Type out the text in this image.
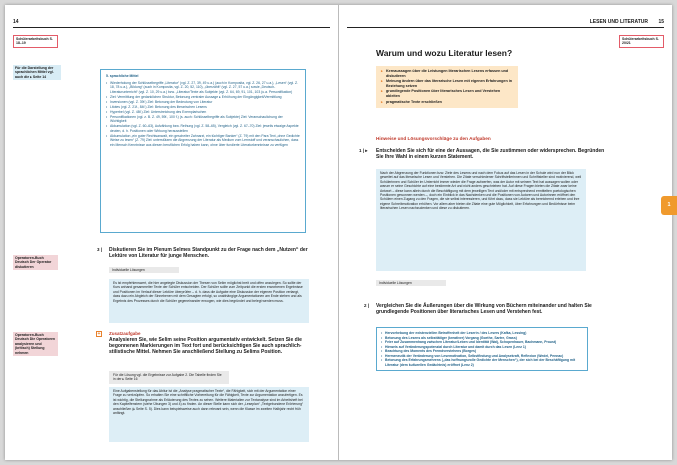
14
Schülerarbeitsbuch S. 18–19
Für die Darstellung der sprachlichen Mittel vgl. auch die ▸ Seite 14
Operatoren-Buch Deutsch Der Operator diskutieren
Operatoren-Buch Deutsch Die Operatoren analysieren und (kritisch) Stellung nehmen
5. sprachliche Mittel
• Wiederholung der Schlüsselbegriffe „Literatur“ (vgl. Z. 27, 39, 49 u.a.) (auch in Komposita, vgl. Z. 26, 27 u.a.), „Lesen“ (vgl. Z. 18, 78 u.a.), „Bildung“ (auch in Komposita, vgl. Z. 20, 52, 110), „überzählt“ (vgl. Z. 27, 57 u.a.) sowie „Deutsch-Literaturunterricht“ (vgl. Z. 10, 29 u.a.) bzw. „Literatur/Texte als Subjekte (vgl. Z. 64, 69, 91, 101, 103 (u.a. Personifikation)
• Ziel: Vermittlung der gedanklichen Struktur, Betonung zentraler Aussage ▸ Erhöhung der Eingängigkeit/Vermittlung
• Inversionen (vgl. Z. 39f.) Ziel: Betonung der Bedeutung von Literatur
• Litotes (vgl. Z. 21f., 84f.) Ziel: Betonung des literarischen Lesens
• Hyperbel (vgl. Z. 48f.) Ziel: Unterstreichung des Exemplarischen
• Personifikationen (vgl. z. B. Z. 49, 59f., 100 f.) (s. auch: Schlüsselbegriffe als Subjekte) Ziel: Veranschaulichung der Wichtigkeit
• Akkumulation (vgl. Z. 60–63), Aufzählung bzw. Reihung (vgl. Z. 58–65), Vergleich (vgl. Z. 67–70) Ziel: jeweils etwaige Aspekte deuten, d. h. Positionen oder Wirkung herausstellen
• Akkumulation „ein guter Rechtsanwalt, ein gescheiter Zahnarzt, ein tüchtiger Banker“ (Z. 79) mit den Para Text „ohne Gedichte Weise zu lesen“ (Z. 79) Ziel: unterstützen die Abgrenzung der Literatur als Medium vom Lernstoff und veranschaulichen, dass ein Mensch Kenntnisse aus diesen beruflichen Erfolg haben kann, ohne über fundierte Literaturkenntnisse zu verfügen
3 | Diskutieren Sie im Plenum Selmes Standpunkt zu der Frage nach dem „Nutzen“ der Lektüre von Literatur für junge Menschen.
Individuelle Lösungen
Es ist empfehlenswert, die hier angelegte Diskussion der Thesen von Selim möglichst breit und offen anzulegen. So sollte der Kurs anhand gesammelter Texte der Schüler entscheiden. Der Schüler sollte zum Zeitpunkt die ersten erworbenen Ergebnisse und Positionen im Verlauf dieser Lektüre überprüfen – d. h. dass die Aufgabe eine Diskussion der eigenen Position verlangt, dass dazu ein Abgleich der Sinnebenen mit dem Gesagten erfolgt, so unabhängige Argumentationen am Ende stehen und als Ergebnis des Prozesses durch die Schüler gegeneinander erwogen, wie dies begründet und belegt werden muss.
+	Zusatzaufgabe
Analysieren Sie, wie Selim seine Position argumentativ entwickelt. Setzen Sie die begonnenen Markierungen im Text fort und berücksichtigen Sie auch sprachlich-stilistische Mittel. Nehmen Sie anschließend Stellung zu Selims Position.
Für die Lösung vgl. die Ergebnisse zur Aufgabe 2. Die Tabelle finden Sie in der ▸ Seite 16
Eine Aufgabenstellung für das Abitur ist die „Analyse pragmatischer Texte“, die Fähigkeit, sich mit der Argumentation einer Frage zu verknüpfen. So erhalten Sie eine schriftliche Vorbereitung für die Fähigkeit, Texte zur Argumentation anzufertigen. Es ist wichtig, die Stellungnahme als Erläuterung des Textes zu sehen. Weitere Materialien zur Textanalyse sind im Arbeitsheft bei den Kapitelfenstern (siehe Übungen 3) und 4) zu finden. An dieser Stelle kann sich der „Leseplan“ „Textgebundene Erörterung“ anschließen (▸ Seite S. 5). Dies kann beispielsweise auch dann relevant sein, wenn die Klasse im zweiten Halbjahr recht früh anfängt.
LESEN UND LITERATUR 15
Schülerarbeitsbuch S. 20/21
Warum und wozu Literatur lesen?
▸ Kernaussagen über die Leistungen literarischen Lesens erfassen und diskutieren
▸ Meinung ändern über das literarische Lesen mit eigenen Erfahrungen in Beziehung setzen
▸ grundlegende Positionen über literarisches Lesen und Verstehen ableiten
▸ pragmatische Texte erschließen
Hinweise und Lösungsvorschläge zu den Aufgaben
1 | ▸ Entscheiden Sie sich für eine der Aussagen, die Sie zustimmen oder widersprechen. Begründen Sie Ihre Wahl in einem kurzen Statement.
Nach der Abgrenzung der Funktionen bzw. Ziele des Lesens und nach dem Fokus auf das Lesen in der Schule wird nun der Blick geweitet auf das literarische Lesen und Verstehen. Die Zitate verschiedener Schriftstellerinnen und Schriftsteller sind motivierend, weil Schülerinnen und Schüler im Unterricht immer wieder die Frage aufwerfen, was der Autor mit seinem Text hat aussagen wollen oder warum er seine Geschichte auf eine bestimmte Art und nicht anders geschrieben hat. Auf diese Fragen bieten die Zitate zwar keine Antwort – diese kann allein durch die Beschäftigung mit dem jeweiligen Text und/oder mit entsprechend ermittelten poetologischen Positionen gewonnen werden –, doch ein Einblick in das Nachdenken und die Positionen von Autoren und Autorinnen eröffnet den Schülern einen Zugang zu den Fragen, die sie selbst interessieren, und führt dazu, dass sie Lektüre als bereichernd erleben und ihre eigene Schreibmotivation erhöhen. Vor allem aber bieten die Zitate eine gute Möglichkeit, über Erfahrungen und Bedürfnisse beim literarischen Lesen nachzudenken und diese zu diskutieren.
Individuelle Lösungen
2 | Vergleichen Sie die Äußerungen über die Wirkung von Büchern miteinander und halten Sie grundlegende Positionen über literarisches Lesen und Verstehen fest.
• Hervorhebung der existenziellen Betroffenheit der Leserin / des Lesers (Kafka, Lessing)
• Betonung des Lesens als selbsttätiger (kreativer) Vorgang (Goethe, Sartre, Grass)
• Feier auf Zusammenhang zwischen Literatur/Leben und Identität (Walj, Schopenhauer, Bachmann, Proust)
• Hinweis auf Veränderungspotenzial durch Literatur und damit durch das Lesen (Lenz 1)
• Beachtung des Moments des Fremdverstehens (Borges)
• Hermeneutik der Veränderung von Lesemotivation, Selbstfindung und Analysekraft, Reflexion (Wedel, Pennac)
• Betonung des Erfahrungsmehrens („das hoffnungsvolle Gedichte der Menschen“), der sich bei der Beschäftigung mit Literatur (dem kulturellen Gedächtnis) eröffnet (Lenz 2)
1
